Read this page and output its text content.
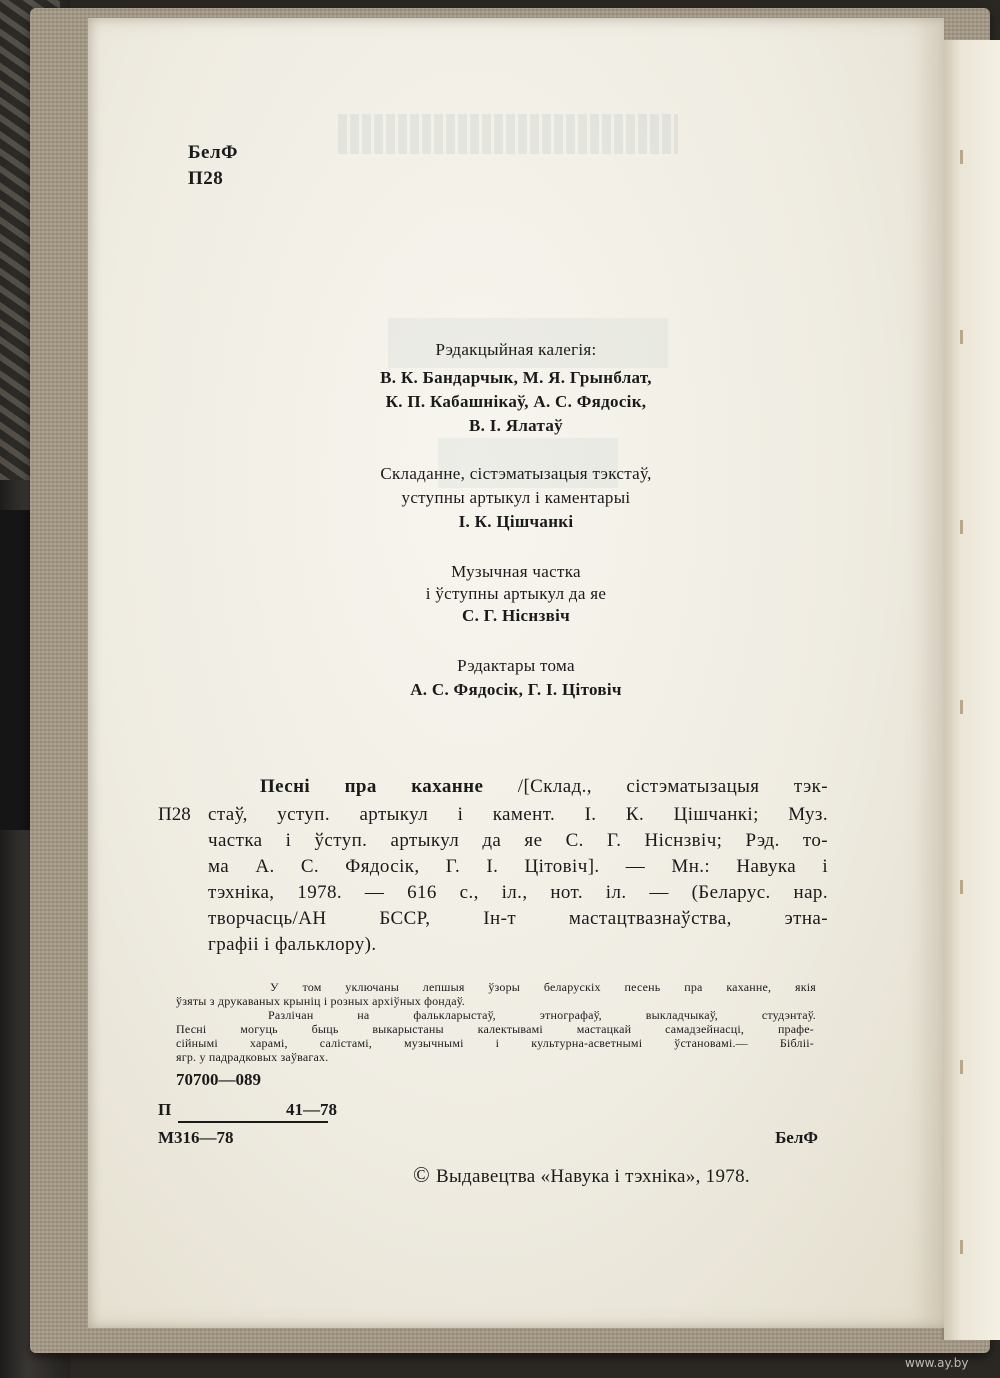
БелФ
П28
Рэдакцыйная калегія:
В. К. Бандарчык, М. Я. Грынблат,
К. П. Кабашнікаў, А. С. Фядосік,
В. І. Ялатаў
Складанне, сістэматызацыя тэкстаў,
уступны артыкул і каментарыі
І. К. Цішчанкі
Музычная частка
і ўступны артыкул да яе
С. Г. Ніснзвіч
Рэдактары тома
А. С. Фядосік, Г. І. Цітовіч
Песні пра каханне /[Склад., сістэматызацыя тэк-
П28 стаў, уступ. артыкул і камент. І. К. Цішчанкі; Муз.
частка і ўступ. артыкул да яе С. Г. Ніснзвіч; Рэд. то-
ма А. С. Фядосік, Г. І. Цітовіч]. — Мн.: Навука і
тэхніка, 1978. — 616 с., іл., нот. іл. — (Беларус. нар.
творчасць/АН БССР, Ін-т мастацтвазнаўства, этна-
графіі і фальклору).
У том уключаны лепшыя ўзоры беларускіх песень пра каханне, якія
ўзяты з друкаваных крыніц і розных архіўных фондаў.
Разлічан на фалькларыстаў, этнографаў, выкладчыкаў, студэнтаў.
Песні могуць быць выкарыстаны калектывамі мастацкай самадзейнасці, прафе-
сійнымі харамі, салістамі, музычнымі і культурна-асветнымі ўстановамі.— Бібліі-
ягр. у падрадковых заўвагах.
70700—089
П	41—78
М316—78	БелФ
© Выдавецтва «Навука і тэхніка», 1978.
www.ay.by
